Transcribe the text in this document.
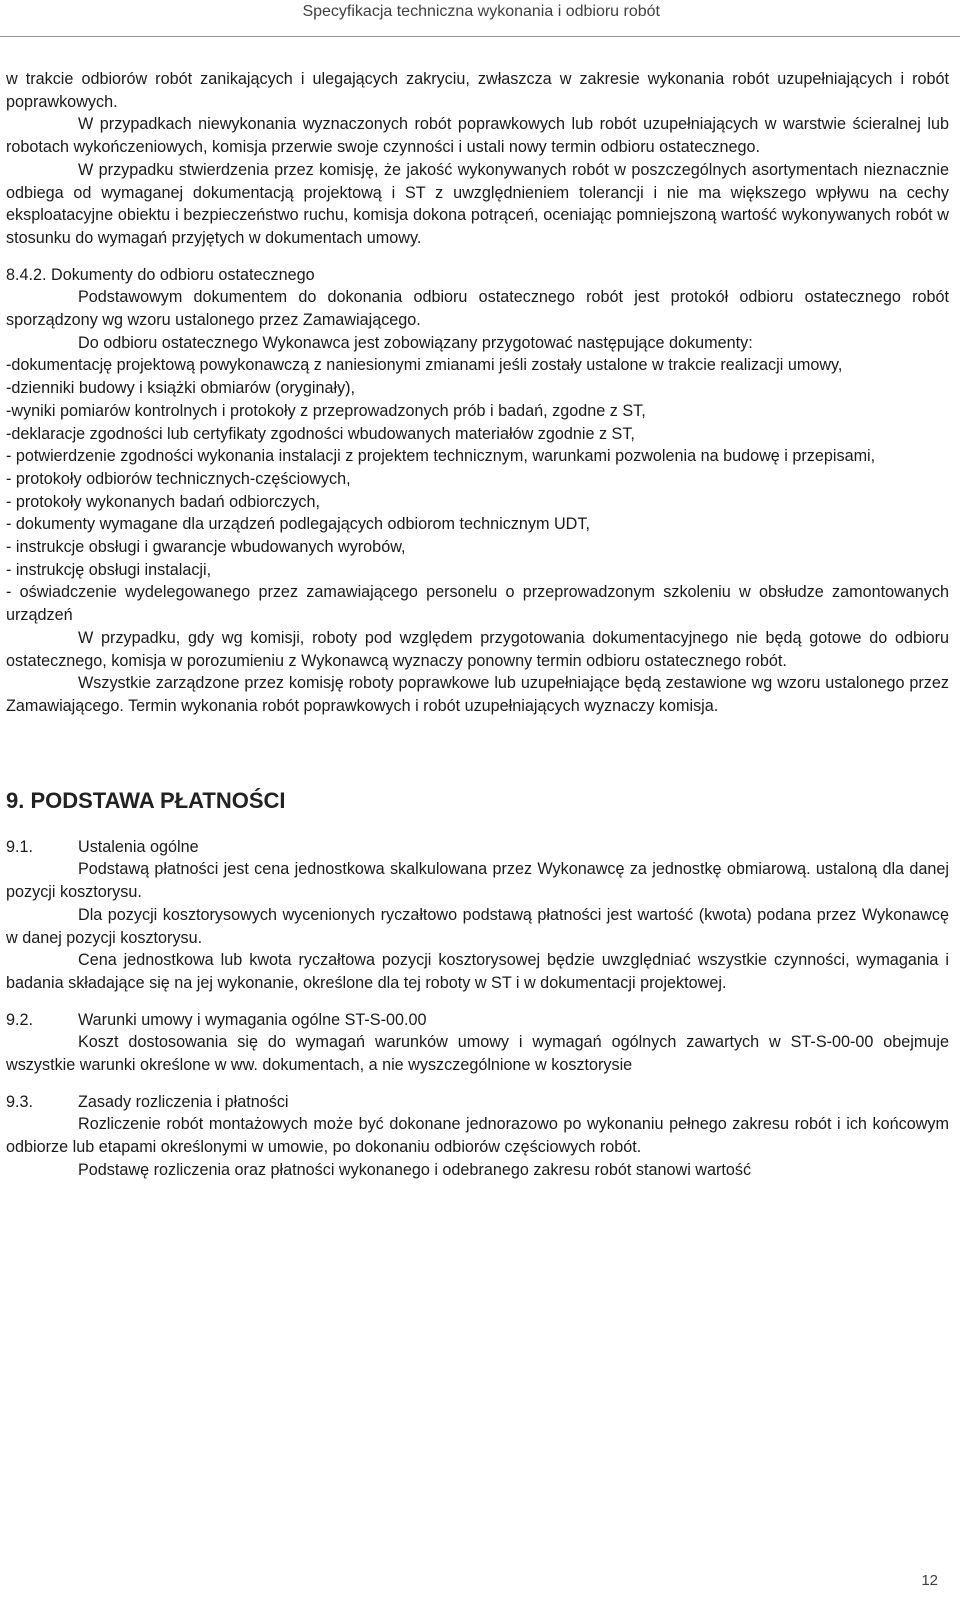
Specyfikacja techniczna wykonania i odbioru robót

w trakcie odbiorów robót zanikających i ulegających zakryciu, zwłaszcza w zakresie wykonania robót uzupełniających i robót poprawkowych.

W przypadkach niewykonania wyznaczonych robót poprawkowych lub robót uzupełniających w warstwie ścieralnej lub robotach wykończeniowych, komisja przerwie swoje czynności i ustali nowy termin odbioru ostatecznego.

W przypadku stwierdzenia przez komisję, że jakość wykonywanych robót w poszczególnych asortymentach nieznacznie odbiega od wymaganej dokumentacją projektową i ST z uwzględnieniem tolerancji i nie ma większego wpływu na cechy eksploatacyjne obiektu i bezpieczeństwo ruchu, komisja dokona potrąceń, oceniając pomniejszoną wartość wykonywanych robót w stosunku do wymagań przyjętych w dokumentach umowy.

8.4.2. Dokumenty do odbioru ostatecznego

Podstawowym dokumentem do dokonania odbioru ostatecznego robót jest protokół odbioru ostatecznego robót sporządzony wg wzoru ustalonego przez Zamawiającego.

Do odbioru ostatecznego Wykonawca jest zobowiązany przygotować następujące dokumenty:

-dokumentację projektową powykonawczą z naniesionymi zmianami jeśli zostały ustalone w trakcie realizacji umowy,

-dzienniki budowy i książki obmiarów (oryginały),

-wyniki pomiarów kontrolnych i protokoły z przeprowadzonych prób i badań, zgodne z ST,

-deklaracje zgodności lub certyfikaty zgodności wbudowanych materiałów zgodnie z ST,

- potwierdzenie zgodności wykonania instalacji z projektem technicznym, warunkami pozwolenia na budowę i przepisami,

- protokoły odbiorów technicznych-częściowych,

- protokoły wykonanych badań odbiorczych,

- dokumenty wymagane dla urządzeń podlegających odbiorom technicznym UDT,

- instrukcje obsługi i gwarancje wbudowanych wyrobów,

- instrukcję obsługi instalacji,

- oświadczenie wydelegowanego przez zamawiającego personelu o przeprowadzonym szkoleniu w obsłudze zamontowanych urządzeń

W przypadku, gdy wg komisji, roboty pod względem przygotowania dokumentacyjnego nie będą gotowe do odbioru ostatecznego, komisja w porozumieniu z Wykonawcą wyznaczy ponowny termin odbioru ostatecznego robót.

Wszystkie zarządzone przez komisję roboty poprawkowe lub uzupełniające będą zestawione wg wzoru ustalonego przez Zamawiającego. Termin wykonania robót poprawkowych i robót uzupełniających wyznaczy komisja.

9. PODSTAWA PŁATNOŚCI

9.1.	Ustalenia ogólne

Podstawą płatności jest cena jednostkowa skalkulowana przez Wykonawcę za jednostkę obmiarową. ustaloną dla danej pozycji kosztorysu.

Dla pozycji kosztorysowych wycenionych ryczałtowo podstawą płatności jest wartość (kwota) podana przez Wykonawcę w danej pozycji kosztorysu.

Cena jednostkowa lub kwota ryczałtowa pozycji kosztorysowej będzie uwzględniać wszystkie czynności, wymagania i badania składające się na jej wykonanie, określone dla tej roboty w ST i w dokumentacji projektowej.

9.2.	Warunki umowy i wymagania ogólne ST-S-00.00

Koszt dostosowania się do wymagań warunków umowy i wymagań ogólnych zawartych w ST-S-00-00 obejmuje wszystkie warunki określone w ww. dokumentach, a nie wyszczególnione w kosztorysie

9.3.	Zasady rozliczenia i płatności

Rozliczenie robót montażowych może być dokonane jednorazowo po wykonaniu pełnego zakresu robót i ich końcowym odbiorze lub etapami określonymi w umowie, po dokonaniu odbiorów częściowych robót.

Podstawę rozliczenia oraz płatności wykonanego i odebranego zakresu robót stanowi wartość

12
